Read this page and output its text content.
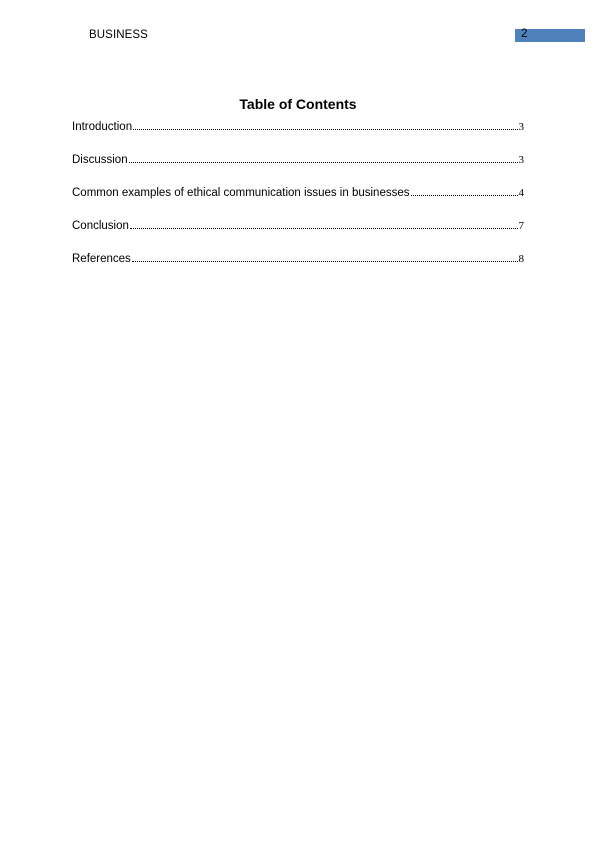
BUSINESS	2
Table of Contents
Introduction	3
Discussion	3
Common examples of ethical communication issues in businesses	4
Conclusion	7
References	8
